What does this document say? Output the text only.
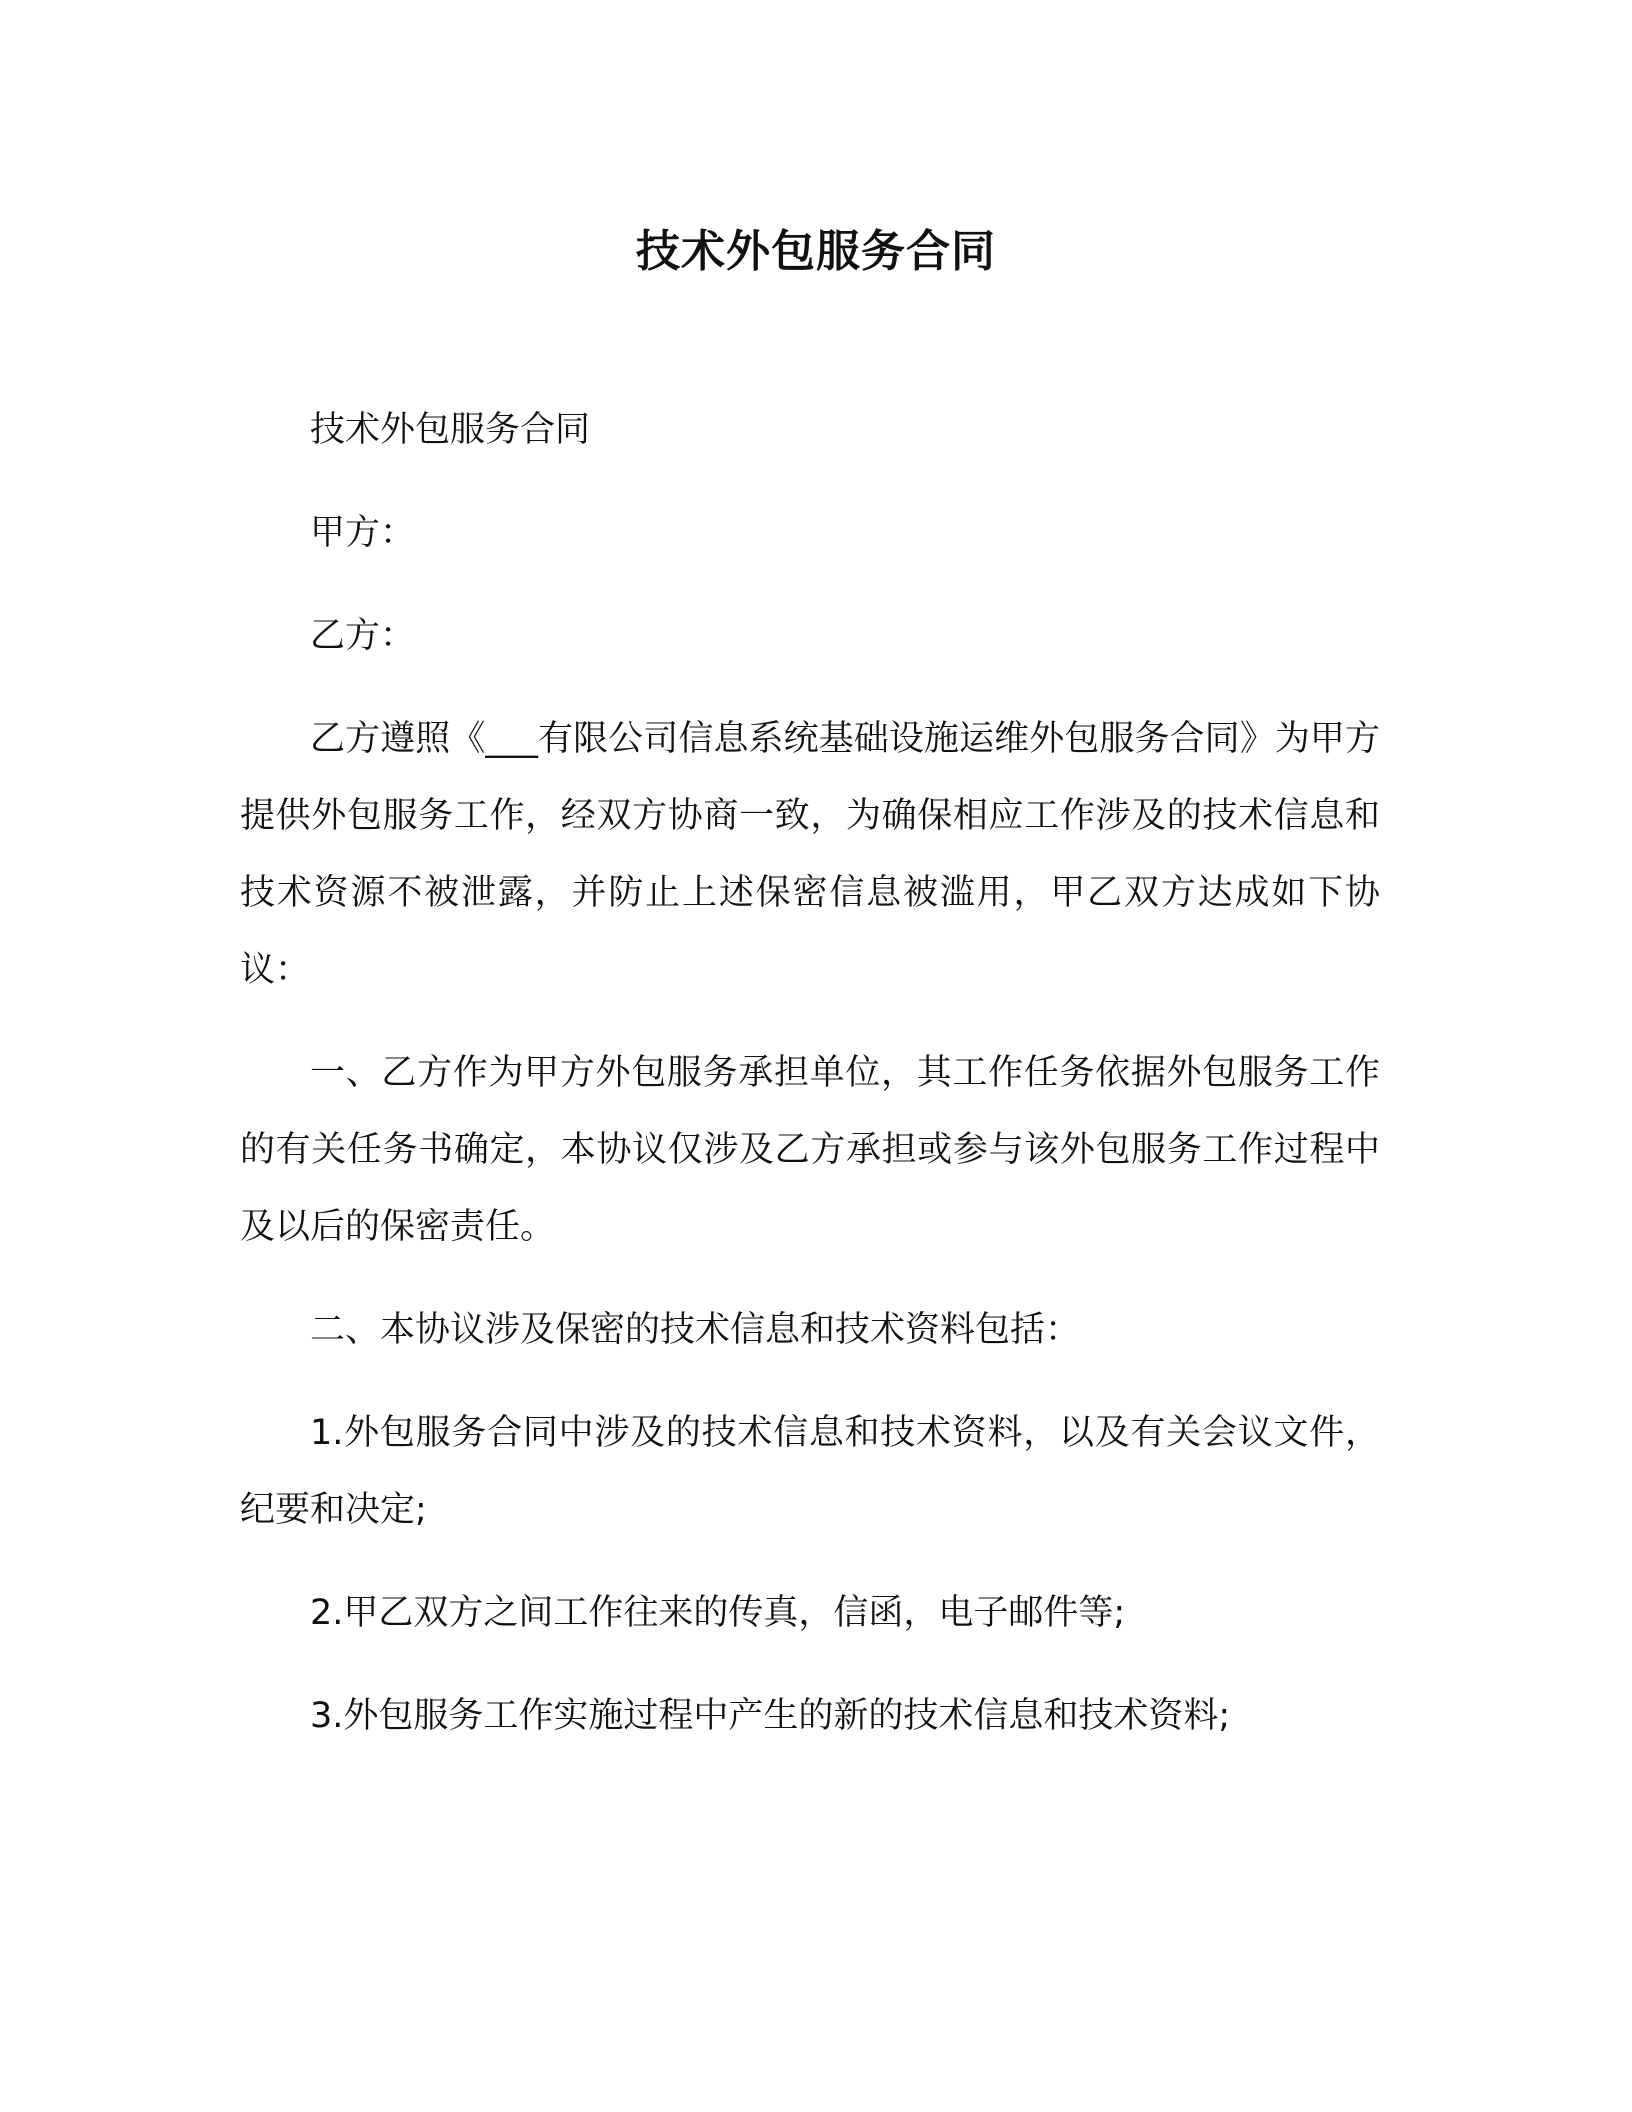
技术外包服务合同

技术外包服务合同

甲方：

乙方：

乙方遵照《___有限公司信息系统基础设施运维外包服务合同》为甲方提供外包服务工作，经双方协商一致，为确保相应工作涉及的技术信息和技术资源不被泄露，并防止上述保密信息被滥用，甲乙双方达成如下协议：

一、乙方作为甲方外包服务承担单位，其工作任务依据外包服务工作的有关任务书确定，本协议仅涉及乙方承担或参与该外包服务工作过程中及以后的保密责任。

二、本协议涉及保密的技术信息和技术资料包括：

1.外包服务合同中涉及的技术信息和技术资料，以及有关会议文件，纪要和决定;

2.甲乙双方之间工作往来的传真，信函，电子邮件等;

3.外包服务工作实施过程中产生的新的技术信息和技术资料;
